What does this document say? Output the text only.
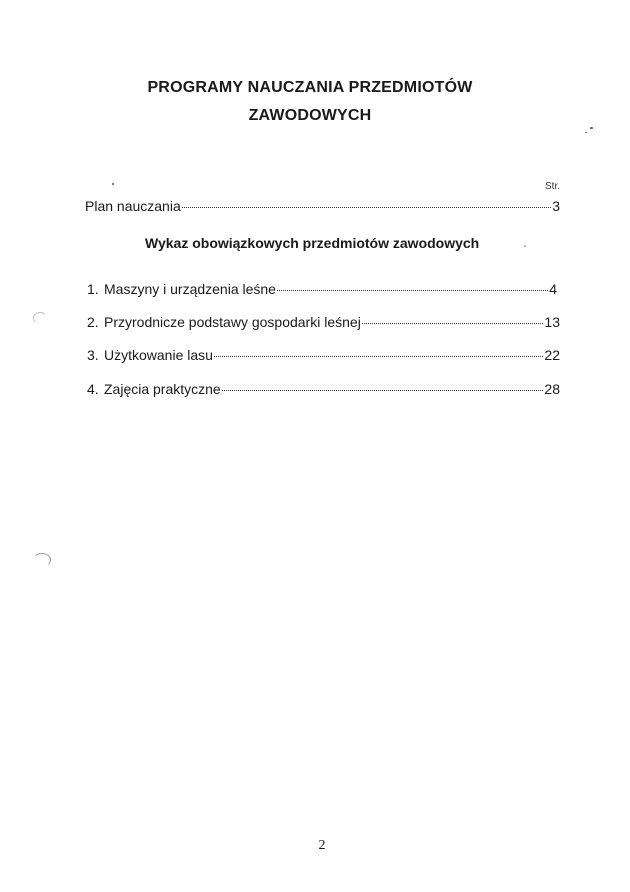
PROGRAMY NAUCZANIA PRZEDMIOTÓW
ZAWODOWYCH
Str.
Plan nauczania	3
Wykaz obowiązkowych przedmiotów zawodowych
1. Maszyny i urządzenia leśne	4
2. Przyrodnicze podstawy gospodarki leśnej	13
3. Użytkowanie lasu	22
4. Zajęcia praktyczne	28
2
